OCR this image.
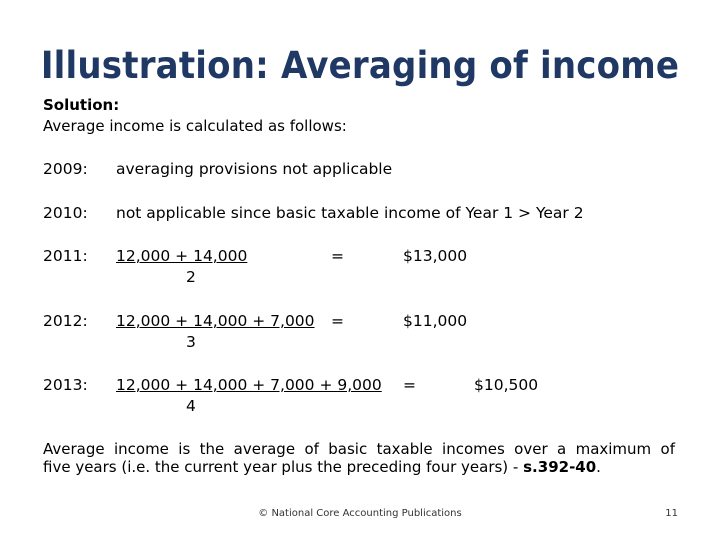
Illustration: Averaging of income
Solution:
Average income is calculated as follows:
2009: averaging provisions not applicable
2010: not applicable since basic taxable income of Year 1 > Year 2
2011: $\frac{12,000 + 14,000}{2}$	=	$13,000
2012: $\frac{12,000 + 14,000 + 7,000}{3}$ =	$11,000
2013: $\frac{12,000 + 14,000 + 7,000 + 9,000}{4}$ =	$10,500
Average income is the average of basic taxable incomes over a maximum of
five years (i.e. the current year plus the preceding four years) - s.392-40.
© National Core Accounting Publications	11
